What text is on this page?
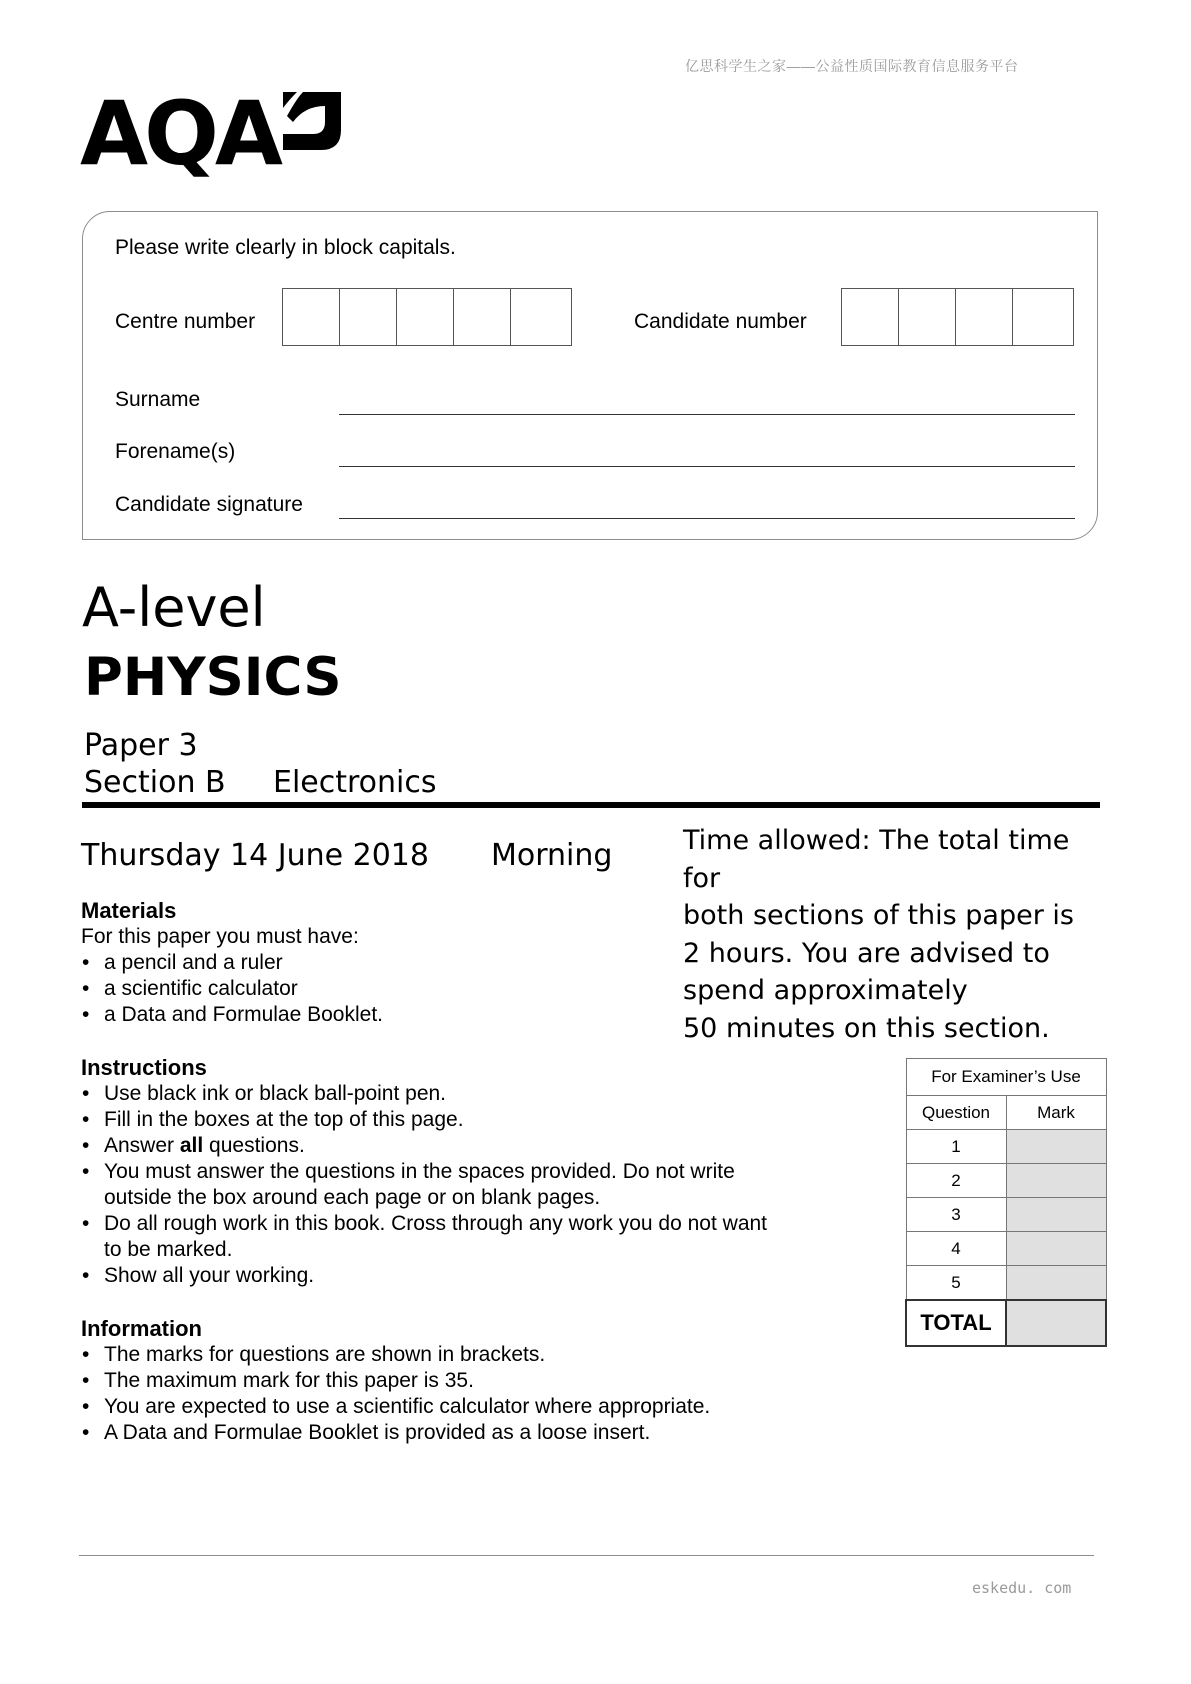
亿思科学生之家——公益性质国际教育信息服务平台
AQA
Please write clearly in block capitals.
Centre number	Candidate number
Surname
Forename(s)
Candidate signature
A-level
PHYSICS
Paper 3
Section B Electronics
Thursday 14 June 2018 Morning	Time allowed: The total time for
both sections of this paper is
2 hours. You are advised to
spend approximately
50 minutes on this section.
Materials
For this paper you must have:
• a pencil and a ruler
• a scientific calculator
• a Data and Formulae Booklet.
Instructions
• Use black ink or black ball-point pen.
• Fill in the boxes at the top of this page.
• Answer all questions.
• You must answer the questions in the spaces provided. Do not write
outside the box around each page or on blank pages.
• Do all rough work in this book. Cross through any work you do not want
to be marked.
• Show all your working.
Information
• The marks for questions are shown in brackets.
• The maximum mark for this paper is 35.
• You are expected to use a scientific calculator where appropriate.
• A Data and Formulae Booklet is provided as a loose insert.
For Examiner’s Use	
Question	Mark
1	
2	
3	
4	
5	
TOTAL	
eskedu. com
